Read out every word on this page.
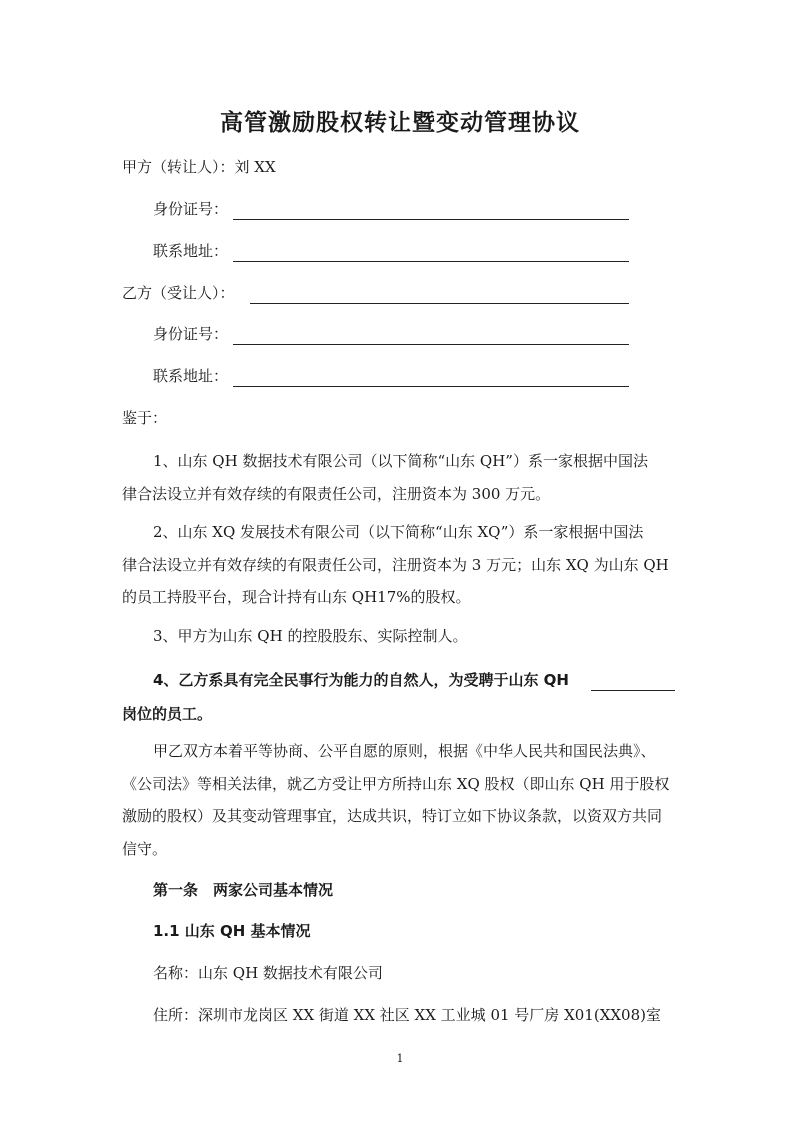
高管激励股权转让暨变动管理协议
甲方（转让人）：刘 XX
身份证号：
联系地址：
乙方（受让人）：
身份证号：
联系地址：
鉴于：
1、山东 QH 数据技术有限公司（以下简称“山东 QH”）系一家根据中国法
律合法设立并有效存续的有限责任公司，注册资本为 300 万元。
2、山东 XQ 发展技术有限公司（以下简称“山东 XQ”）系一家根据中国法
律合法设立并有效存续的有限责任公司，注册资本为 3 万元；山东 XQ 为山东 QH
的员工持股平台，现合计持有山东 QH17%的股权。
3、甲方为山东 QH 的控股股东、实际控制人。
4、乙方系具有完全民事行为能力的自然人，为受聘于山东 QH
岗位的员工。
甲乙双方本着平等协商、公平自愿的原则，根据《中华人民共和国民法典》、
《公司法》等相关法律，就乙方受让甲方所持山东 XQ 股权（即山东 QH 用于股权
激励的股权）及其变动管理事宜，达成共识，特订立如下协议条款，以资双方共同
信守。
第一条　两家公司基本情况
1.1 山东 QH 基本情况
名称：山东 QH 数据技术有限公司
住所：深圳市龙岗区 XX 街道 XX 社区 XX 工业城 01 号厂房 X01(XX08)室
1
